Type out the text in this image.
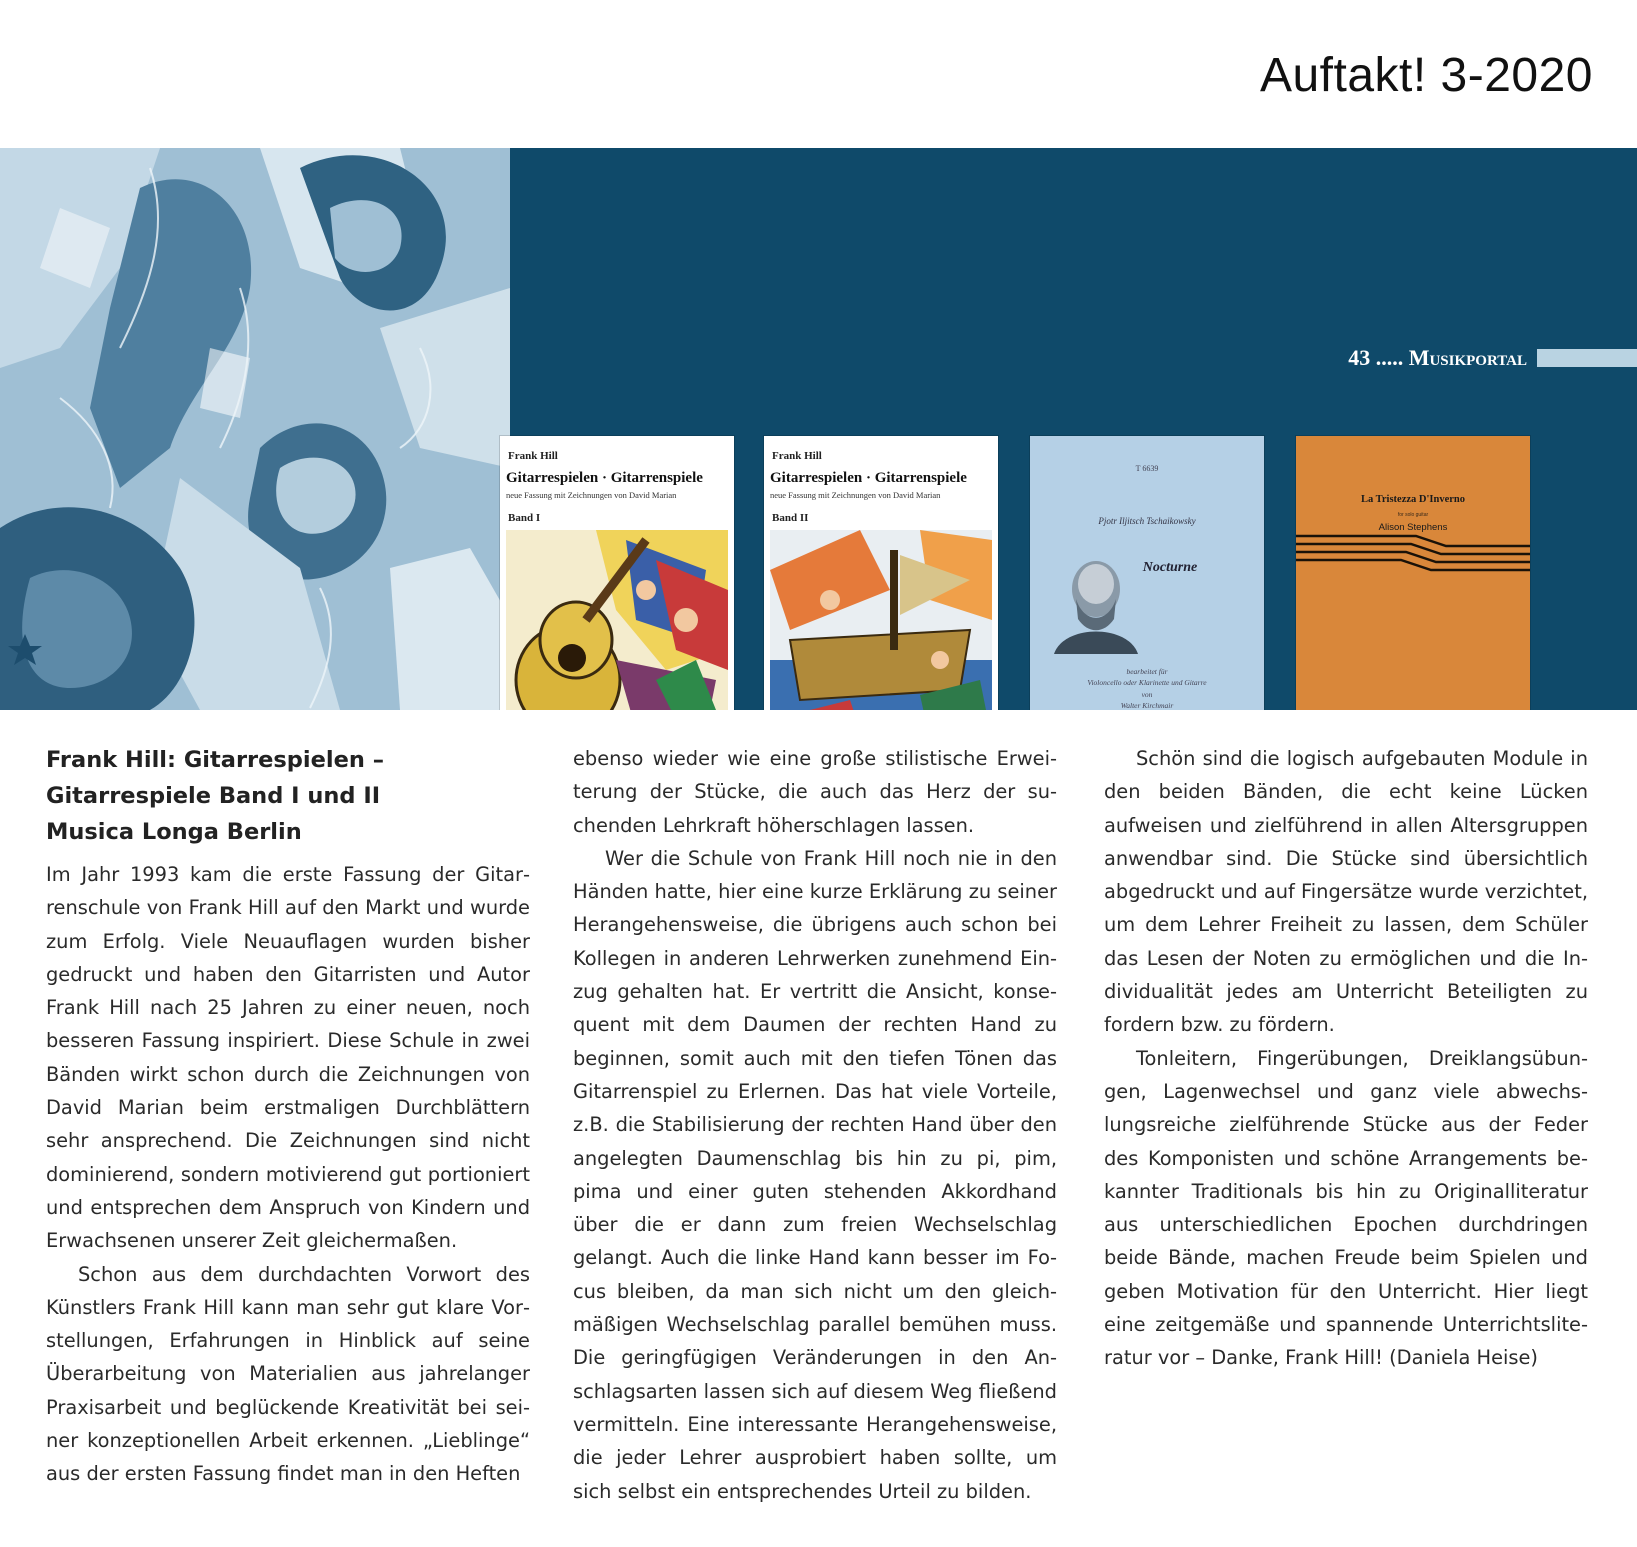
Auftakt! 3-2020
43 ..... Musikportal
Frank Hill
Gitarrespielen · Gitarrenspiele
neue Fassung mit Zeichnungen von David Marian
Band I
Frank Hill
Gitarrespielen · Gitarrenspiele
neue Fassung mit Zeichnungen von David Marian
Band II
T 6639
Pjotr Iljitsch Tschaikowsky
Nocturne
bearbeitet für
Violoncello oder Klarinette und Gitarre
von
Walter Kirchmair
La Tristezza D'Inverno
for solo guitar
Alison Stephens
Frank Hill: Gitarrespielen –
Gitarrespiele Band I und II
Musica Longa Berlin

Im Jahr 1993 kam die erste Fassung der Gitarrenschule von Frank Hill auf den Markt und wurde zum Erfolg. Viele Neuauflagen wurden bisher gedruckt und haben den Gitarristen und Autor Frank Hill nach 25 Jahren zu einer neuen, noch besseren Fassung inspiriert. Diese Schule in zwei Bänden wirkt schon durch die Zeichnungen von David Marian beim erstmaligen Durchblättern sehr ansprechend. Die Zeichnungen sind nicht dominierend, sondern motivierend gut portioniert und entsprechen dem Anspruch von Kindern und Erwachsenen unserer Zeit gleichermaßen.

Schon aus dem durchdachten Vorwort des Künstlers Frank Hill kann man sehr gut klare Vorstellungen, Erfahrungen in Hinblick auf seine Überarbeitung von Materialien aus jahrelanger Praxisarbeit und beglückende Kreativität bei seiner konzeptionellen Arbeit erkennen. „Lieblinge“ aus der ersten Fassung findet man in den Heften

ebenso wieder wie eine große stilistische Erweiterung der Stücke, die auch das Herz der suchenden Lehrkraft höherschlagen lassen.

Wer die Schule von Frank Hill noch nie in den Händen hatte, hier eine kurze Erklärung zu seiner Herangehensweise, die übrigens auch schon bei Kollegen in anderen Lehrwerken zunehmend Einzug gehalten hat. Er vertritt die Ansicht, konsequent mit dem Daumen der rechten Hand zu beginnen, somit auch mit den tiefen Tönen das Gitarrenspiel zu Erlernen. Das hat viele Vorteile, z.B. die Stabilisierung der rechten Hand über den angelegten Daumenschlag bis hin zu pi, pim, pima und einer guten stehenden Akkordhand über die er dann zum freien Wechselschlag gelangt. Auch die linke Hand kann besser im Focus bleiben, da man sich nicht um den gleichmäßigen Wechselschlag parallel bemühen muss. Die geringfügigen Veränderungen in den Anschlagsarten lassen sich auf diesem Weg fließend vermitteln. Eine interessante Herangehensweise, die jeder Lehrer ausprobiert haben sollte, um sich selbst ein entsprechendes Urteil zu bilden.

Schön sind die logisch aufgebauten Module in den beiden Bänden, die echt keine Lücken aufweisen und zielführend in allen Altersgruppen anwendbar sind. Die Stücke sind übersichtlich abgedruckt und auf Fingersätze wurde verzichtet, um dem Lehrer Freiheit zu lassen, dem Schüler das Lesen der Noten zu ermöglichen und die Individualität jedes am Unterricht Beteiligten zu fordern bzw. zu fördern.

Tonleitern, Fingerübungen, Dreiklangsübungen, Lagenwechsel und ganz viele abwechslungsreiche zielführende Stücke aus der Feder des Komponisten und schöne Arrangements bekannter Traditionals bis hin zu Originalliteratur aus unterschiedlichen Epochen durchdringen beide Bände, machen Freude beim Spielen und geben Motivation für den Unterricht. Hier liegt eine zeitgemäße und spannende Unterrichtsliteratur vor – Danke, Frank Hill! (Daniela Heise)
